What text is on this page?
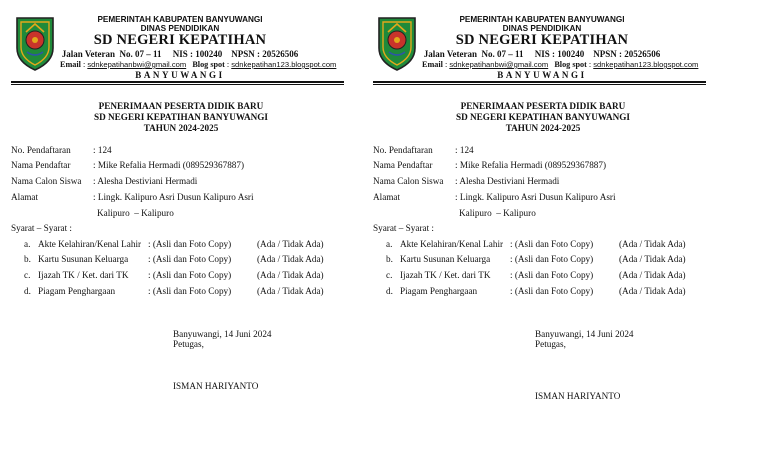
PEMERINTAH KABUPATEN BANYUWANGI
DINAS PENDIDIKAN
SD NEGERI KEPATIHAN
Jalan Veteran  No. 07 – 11     NIS : 100240    NPSN : 20526506
Email : sdnkepatihanbwi@gmail.com Blog spot : sdnkepatihan123.blogspot.com
BANYUWANGI
PENERIMAAN PESERTA DIDIK BARU
SD NEGERI KEPATIHAN BANYUWANGI
TAHUN 2024-2025
No. Pendaftaran : 124
Nama Pendaftar : Mike Refalia Hermadi (089529367887)
Nama Calon Siswa : Alesha Destiviani Hermadi
Alamat	: Lingk. Kalipuro Asri Dusun Kalipuro Asri
Kalipuro  – Kalipuro
Syarat – Syarat :
a. Akte Kelahiran/Kenal Lahir : (Asli dan Foto Copy)	(Ada / Tidak Ada)
b. Kartu Susunan Keluarga : (Asli dan Foto Copy)	(Ada / Tidak Ada)
c. Ijazah TK / Ket. dari TK : (Asli dan Foto Copy)	(Ada / Tidak Ada)
d. Piagam Penghargaan	: (Asli dan Foto Copy)	(Ada / Tidak Ada)
Banyuwangi, 14 Juni 2024
Petugas,
ISMAN HARIYANTO
PEMERINTAH KABUPATEN BANYUWANGI
DINAS PENDIDIKAN
SD NEGERI KEPATIHAN
Jalan Veteran  No. 07 – 11     NIS : 100240    NPSN : 20526506
Email : sdnkepatihanbwi@gmail.com Blog spot : sdnkepatihan123.blogspot.com
BANYUWANGI
PENERIMAAN PESERTA DIDIK BARU
SD NEGERI KEPATIHAN BANYUWANGI
TAHUN 2024-2025
No. Pendaftaran : 124
Nama Pendaftar : Mike Refalia Hermadi (089529367887)
Nama Calon Siswa : Alesha Destiviani Hermadi
Alamat	: Lingk. Kalipuro Asri Dusun Kalipuro Asri
Kalipuro  – Kalipuro
Syarat – Syarat :
a. Akte Kelahiran/Kenal Lahir : (Asli dan Foto Copy)	(Ada / Tidak Ada)
b. Kartu Susunan Keluarga : (Asli dan Foto Copy)	(Ada / Tidak Ada)
c. Ijazah TK / Ket. dari TK : (Asli dan Foto Copy)	(Ada / Tidak Ada)
d. Piagam Penghargaan	: (Asli dan Foto Copy)	(Ada / Tidak Ada)
Banyuwangi, 14 Juni 2024
Petugas,
ISMAN HARIYANTO
